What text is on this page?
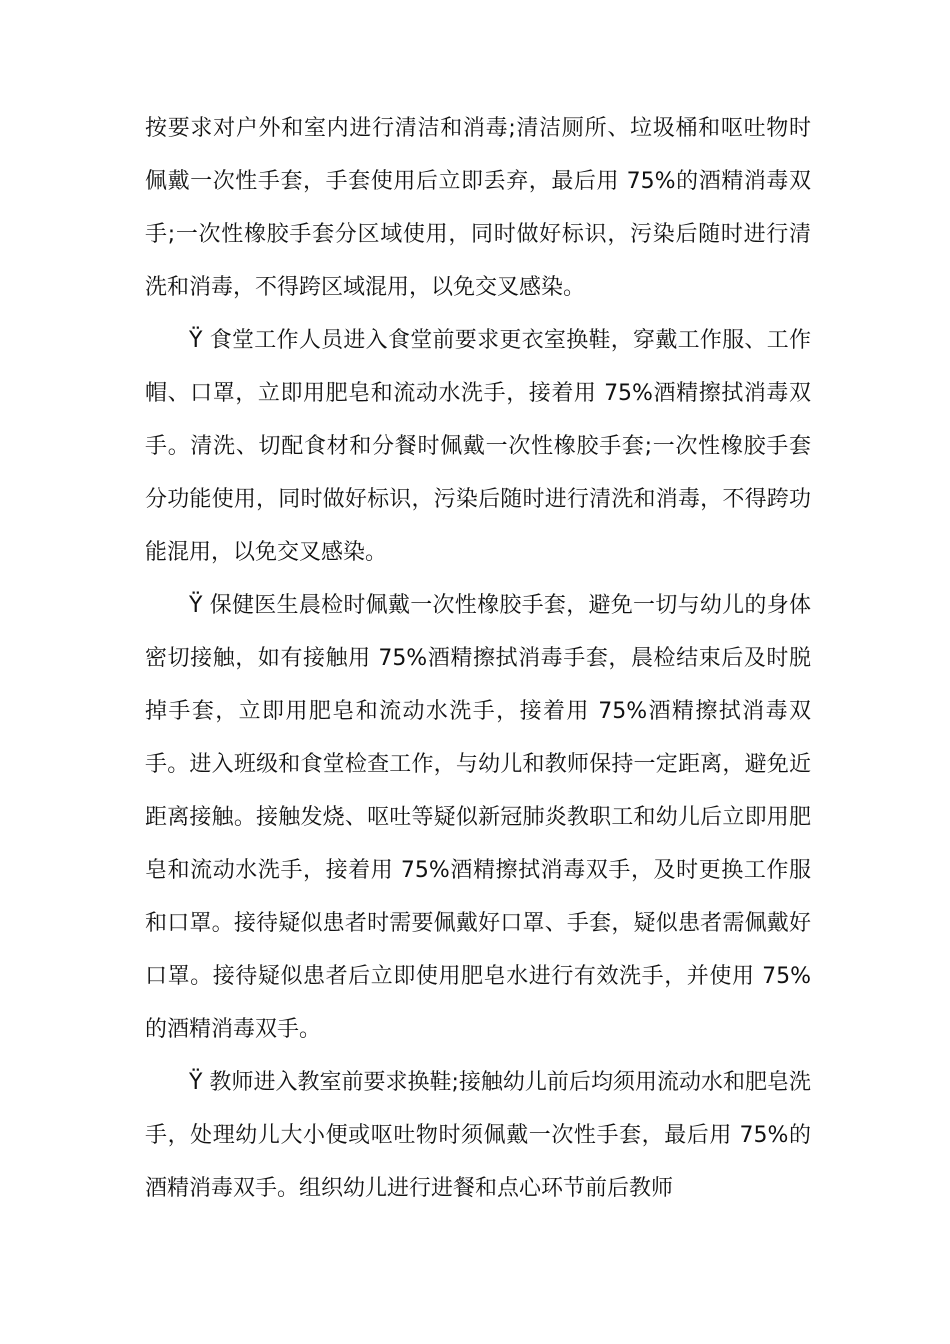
按要求对户外和室内进行清洁和消毒;清洁厕所、垃圾桶和呕吐物时佩戴一次性手套，手套使用后立即丢弃，最后用 75%的酒精消毒双手;一次性橡胶手套分区域使用，同时做好标识，污染后随时进行清洗和消毒，不得跨区域混用，以免交叉感染。

Ÿ 食堂工作人员进入食堂前要求更衣室换鞋，穿戴工作服、工作帽、口罩，立即用肥皂和流动水洗手，接着用 75%酒精擦拭消毒双手。清洗、切配食材和分餐时佩戴一次性橡胶手套;一次性橡胶手套分功能使用，同时做好标识，污染后随时进行清洗和消毒，不得跨功能混用，以免交叉感染。

Ÿ 保健医生晨检时佩戴一次性橡胶手套，避免一切与幼儿的身体密切接触，如有接触用 75%酒精擦拭消毒手套，晨检结束后及时脱掉手套，立即用肥皂和流动水洗手，接着用 75%酒精擦拭消毒双手。进入班级和食堂检查工作，与幼儿和教师保持一定距离，避免近距离接触。接触发烧、呕吐等疑似新冠肺炎教职工和幼儿后立即用肥皂和流动水洗手，接着用 75%酒精擦拭消毒双手，及时更换工作服和口罩。接待疑似患者时需要佩戴好口罩、手套，疑似患者需佩戴好口罩。接待疑似患者后立即使用肥皂水进行有效洗手，并使用 75%的酒精消毒双手。

Ÿ 教师进入教室前要求换鞋;接触幼儿前后均须用流动水和肥皂洗手，处理幼儿大小便或呕吐物时须佩戴一次性手套，最后用 75%的酒精消毒双手。组织幼儿进行进餐和点心环节前后教师
